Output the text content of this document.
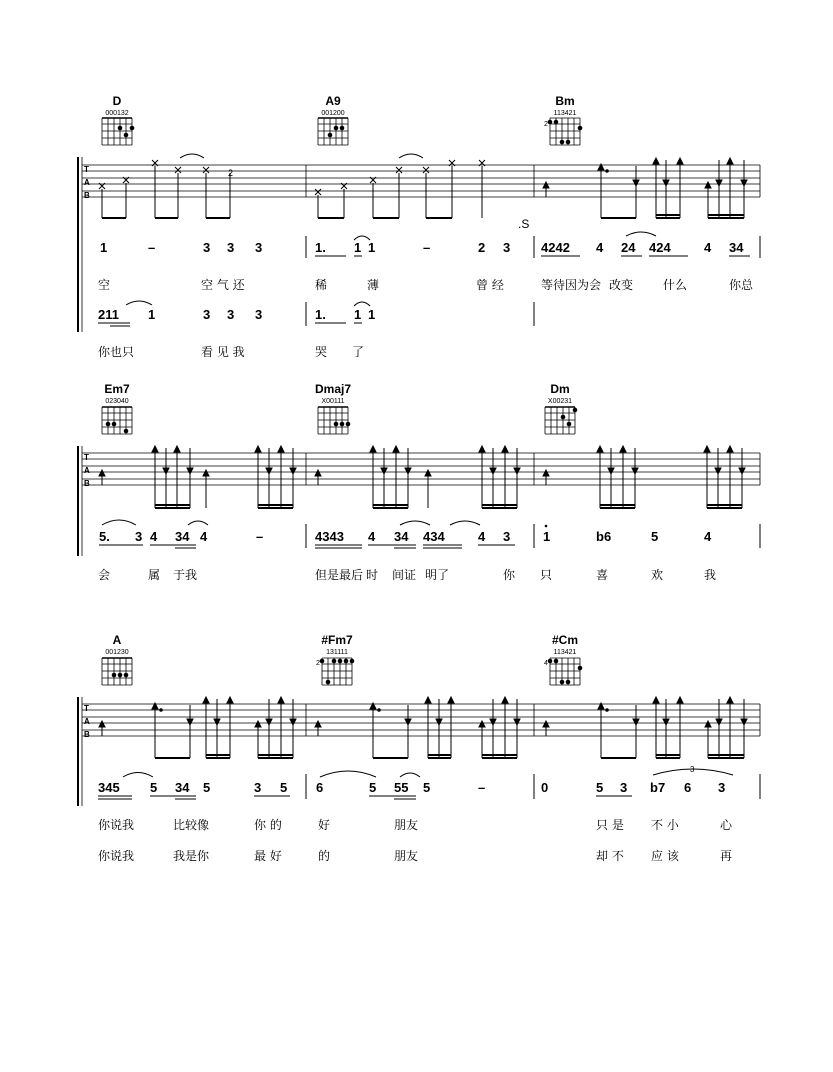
D
000132
A9
001200
Bm
113421
2
T
A
B
2
.S
1	–	3 3 3	1. 1 1	–	2 3 4242 4 24 424	4 34
空	空 气 还	稀	薄	曾 经	等待因为会 改变 什么	你总
211 1	3 3 3	1. 1 1
你也只	看 见 我	哭 了
Em7
023040
Dmaj7
X00111
Dm
X00231
T
A
B
5. 3 4 34 4	–	4343 4 34 434	4 3	1	b6	5	4
会	属 于我	但是最后 时 间证 明了	你 只	喜	欢	我
A
001230
#Fm7
131111
2
#Cm
113421
4
T
A
B
345 5 34 5	3 5 6	5 55 5	–	0	5 3 b7 6 3
3
你说我	比较像	你 的	好	朋友	只 是 不 小	心
你说我	我是你	最 好	的	朋友	却 不 应 该	再
